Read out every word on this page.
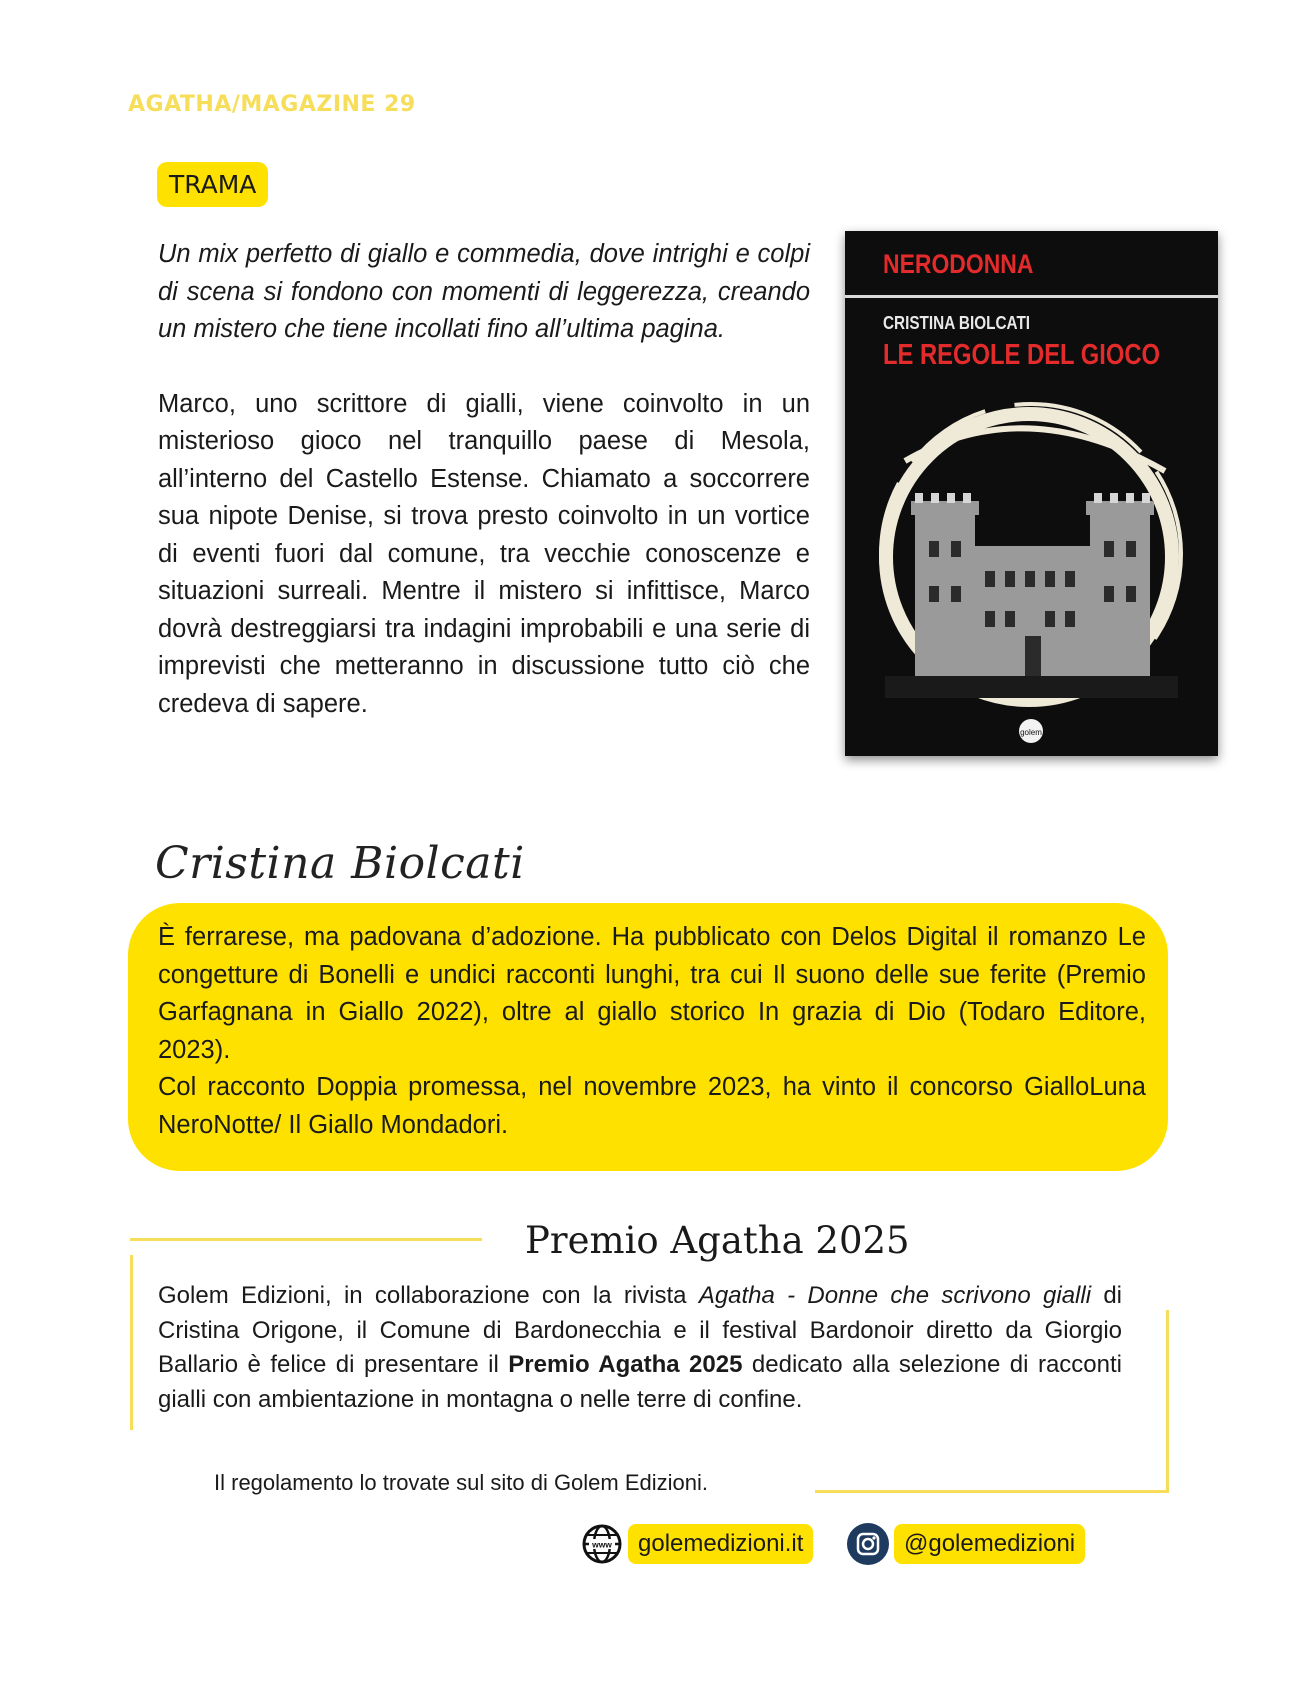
AGATHA/MAGAZINE 29
TRAMA

Un mix perfetto di giallo e commedia, dove intrighi e colpi di scena si fondono con momenti di leggerezza, creando un mistero che tiene incollati fino all’ultima pagina.

Marco, uno scrittore di gialli, viene coinvolto in un misterioso gioco nel tranquillo paese di Mesola, all’interno del Castello Estense. Chiamato a soccorrere sua nipote Denise, si trova presto coinvolto in un vortice di eventi fuori dal comune, tra vecchie conoscenze e situazioni surreali. Mentre il mistero si infittisce, Marco dovrà destreggiarsi tra indagini improbabili e una serie di imprevisti che metteranno in discussione tutto ciò che credeva di sapere.

NERODONNA
CRISTINA BIOLCATI
LE REGOLE DEL GIOCO
golem
Cristina Biolcati

È ferrarese, ma padovana d’adozione. Ha pubblicato con Delos Digital il romanzo Le congetture di Bonelli e undici racconti lunghi, tra cui Il suono delle sue ferite (Premio Garfagnana in Giallo 2022), oltre al giallo storico In grazia di Dio (Todaro Editore, 2023).

Col racconto Doppia promessa, nel novembre 2023, ha vinto il concorso GialloLuna NeroNotte/ Il Giallo Mondadori.

Premio Agatha 2025

Golem Edizioni, in collaborazione con la rivista Agatha - Donne che scrivono gialli di Cristina Origone, il Comune di Bardonecchia e il festival Bardonoir diretto da Giorgio Ballario è felice di presentare il Premio Agatha 2025 dedicato alla selezione di racconti gialli con ambientazione in montagna o nelle terre di confine.

Il regolamento lo trovate sul sito di Golem Edizioni.
www	golemedizioni.it	@golemedizioni
